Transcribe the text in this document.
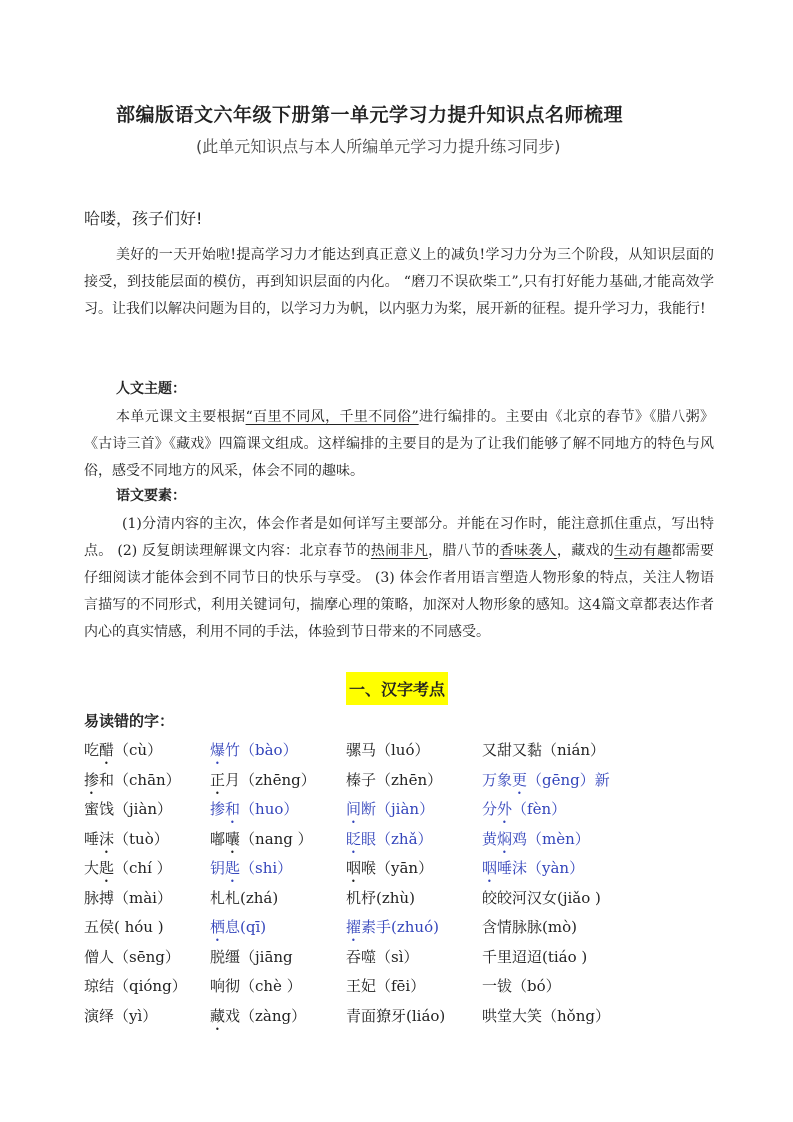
部编版语文六年级下册第一单元学习力提升知识点名师梳理
(此单元知识点与本人所编单元学习力提升练习同步)
哈喽，孩子们好!
美好的一天开始啦!提高学习力才能达到真正意义上的减负!学习力分为三个阶段，从知识层面的接受，到技能层面的模仿，再到知识层面的内化。 “磨刀不误砍柴工”,只有打好能力基础,才能高效学习。让我们以解决问题为目的，以学习力为帆，以内驱力为桨，展开新的征程。提升学习力，我能行!
人文主题：
本单元课文主要根据“百里不同风，千里不同俗”进行编排的。主要由《北京的春节》《腊八粥》《古诗三首》《藏戏》四篇课文组成。这样编排的主要目的是为了让我们能够了解不同地方的特色与风俗，感受不同地方的风采，体会不同的趣味。
语文要素：
(1)分清内容的主次，体会作者是如何详写主要部分。并能在习作时，能注意抓住重点，写出特点。 (2) 反复朗读理解课文内容：北京春节的热闹非凡，腊八节的香味袭人，藏戏的生动有趣都需要仔细阅读才能体会到不同节日的快乐与享受。 (3) 体会作者用语言塑造人物形象的特点，关注人物语言描写的不同形式，利用关键词句，揣摩心理的策略，加深对人物形象的感知。这4篇文章都表达作者内心的真实情感，利用不同的手法，体验到节日带来的不同感受。
一、汉字考点
易读错的字：
吃醋（cù）	爆竹（bào）	骡马（luó）	又甜又黏（nián）
掺和（chān） 正月（zhēng） 榛子（zhēn）	万象更（gēng）新
蜜饯（jiàn）	掺和（huo）	间断（jiàn）	分外（fèn）
唾沫（tuò）	嘟囔（nang ） 眨眼（zhǎ）	黄焖鸡（mèn）
大匙（chí ）	钥匙（shi）	咽喉（yān）	咽唾沫（yàn）
脉搏（mài）	札札(zhá)	机杼(zhù)	皎皎河汉女(jiǎo )
五侯( hóu )	栖息(qī)	擢素手(zhuó)	含情脉脉(mò)
僧人（sēng） 脱缰（jiāng	吞噬（sì）	千里迢迢(tiáo )
琼结（qióng） 响彻（chè ）	王妃（fēi）	一钹（bó）
演绎（yì）	藏戏（zàng）	青面獠牙(liáo) 哄堂大笑（hǒng）
